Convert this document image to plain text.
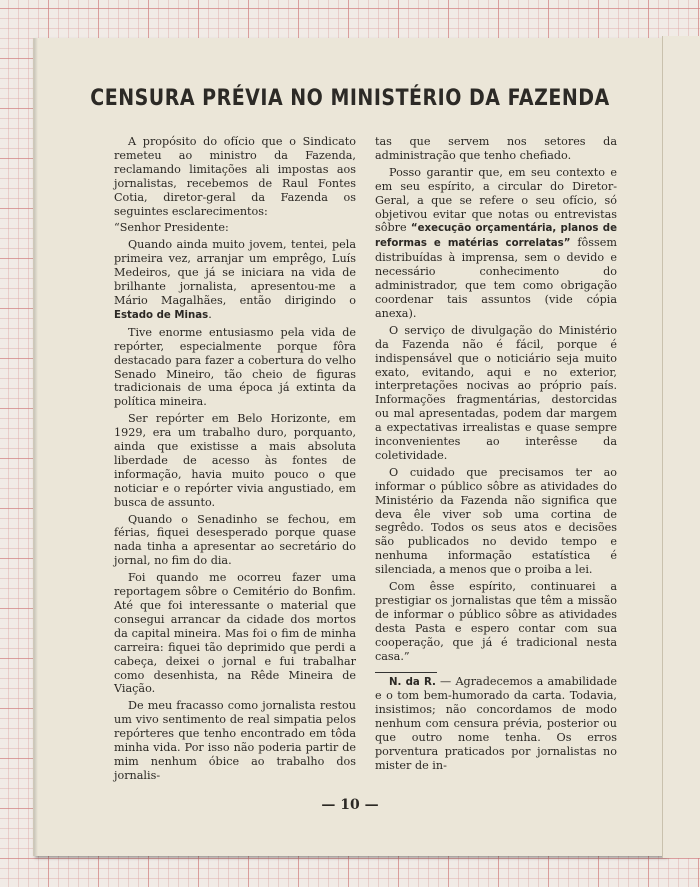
CENSURA PRÉVIA NO MINISTÉRIO DA FAZENDA

A propósito do ofício que o Sindicato remeteu ao ministro da Fazenda, reclamando limitações ali impostas aos jornalistas, recebemos de Raul Fontes Cotia, diretor-geral da Fazenda os seguintes esclarecimentos:

“Senhor Presidente:

Quando ainda muito jovem, tentei, pela primeira vez, arranjar um emprêgo, Luís Medeiros, que já se iniciara na vida de brilhante jornalista, apresentou-me a Mário Magalhães, então dirigindo o Estado de Minas.

Tive enorme entusiasmo pela vida de repórter, especialmente porque fôra destacado para fazer a cobertura do velho Senado Mineiro, tão cheio de figuras tradicionais de uma época já extinta da política mineira.

Ser repórter em Belo Horizonte, em 1929, era um trabalho duro, porquanto, ainda que existisse a mais absoluta liberdade de acesso às fontes de informação, havia muito pouco o que noticiar e o repórter vivia angustiado, em busca de assunto.

Quando o Senadinho se fechou, em férias, fiquei desesperado porque quase nada tinha a apresentar ao secretário do jornal, no fim do dia.

Foi quando me ocorreu fazer uma reportagem sôbre o Cemitério do Bonfim. Até que foi interessante o material que consegui arrancar da cidade dos mortos da capital mineira. Mas foi o fim de minha carreira: fiquei tão deprimido que perdi a cabeça, deixei o jornal e fui trabalhar como desenhista, na Rêde Mineira de Viação.

De meu fracasso como jornalista restou um vivo sentimento de real simpatia pelos repórteres que tenho encontrado em tôda minha vida. Por isso não poderia partir de mim nenhum óbice ao trabalho dos jornalis-

tas que servem nos setores da administração que tenho chefiado.

Posso garantir que, em seu contexto e em seu espírito, a circular do Diretor-Geral, a que se refere o seu ofício, só objetivou evitar que notas ou entrevistas sôbre “execução orçamentária, planos de reformas e matérias correlatas” fôssem distribuídas à imprensa, sem o devido e necessário conhecimento do administrador, que tem como obrigação coordenar tais assuntos (vide cópia anexa).

O serviço de divulgação do Ministério da Fazenda não é fácil, porque é indispensável que o noticiário seja muito exato, evitando, aqui e no exterior, interpretações nocivas ao próprio país. Informações fragmentárias, destorcidas ou mal apresentadas, podem dar margem a expectativas irrealistas e quase sempre inconvenientes ao interêsse da coletividade.

O cuidado que precisamos ter ao informar o público sôbre as atividades do Ministério da Fazenda não significa que deva êle viver sob uma cortina de segrêdo. Todos os seus atos e decisões são publicados no devido tempo e nenhuma informação estatística é silenciada, a menos que o proiba a lei.

Com êsse espírito, continuarei a prestigiar os jornalistas que têm a missão de informar o público sôbre as atividades desta Pasta e espero contar com sua cooperação, que já é tradicional nesta casa.”

N. da R. — Agradecemos a amabilidade e o tom bem-humorado da carta. Todavia, insistimos; não concordamos de modo nenhum com censura prévia, posterior ou que outro nome tenha. Os erros porventura praticados por jornalistas no mister de in-

— 10 —
